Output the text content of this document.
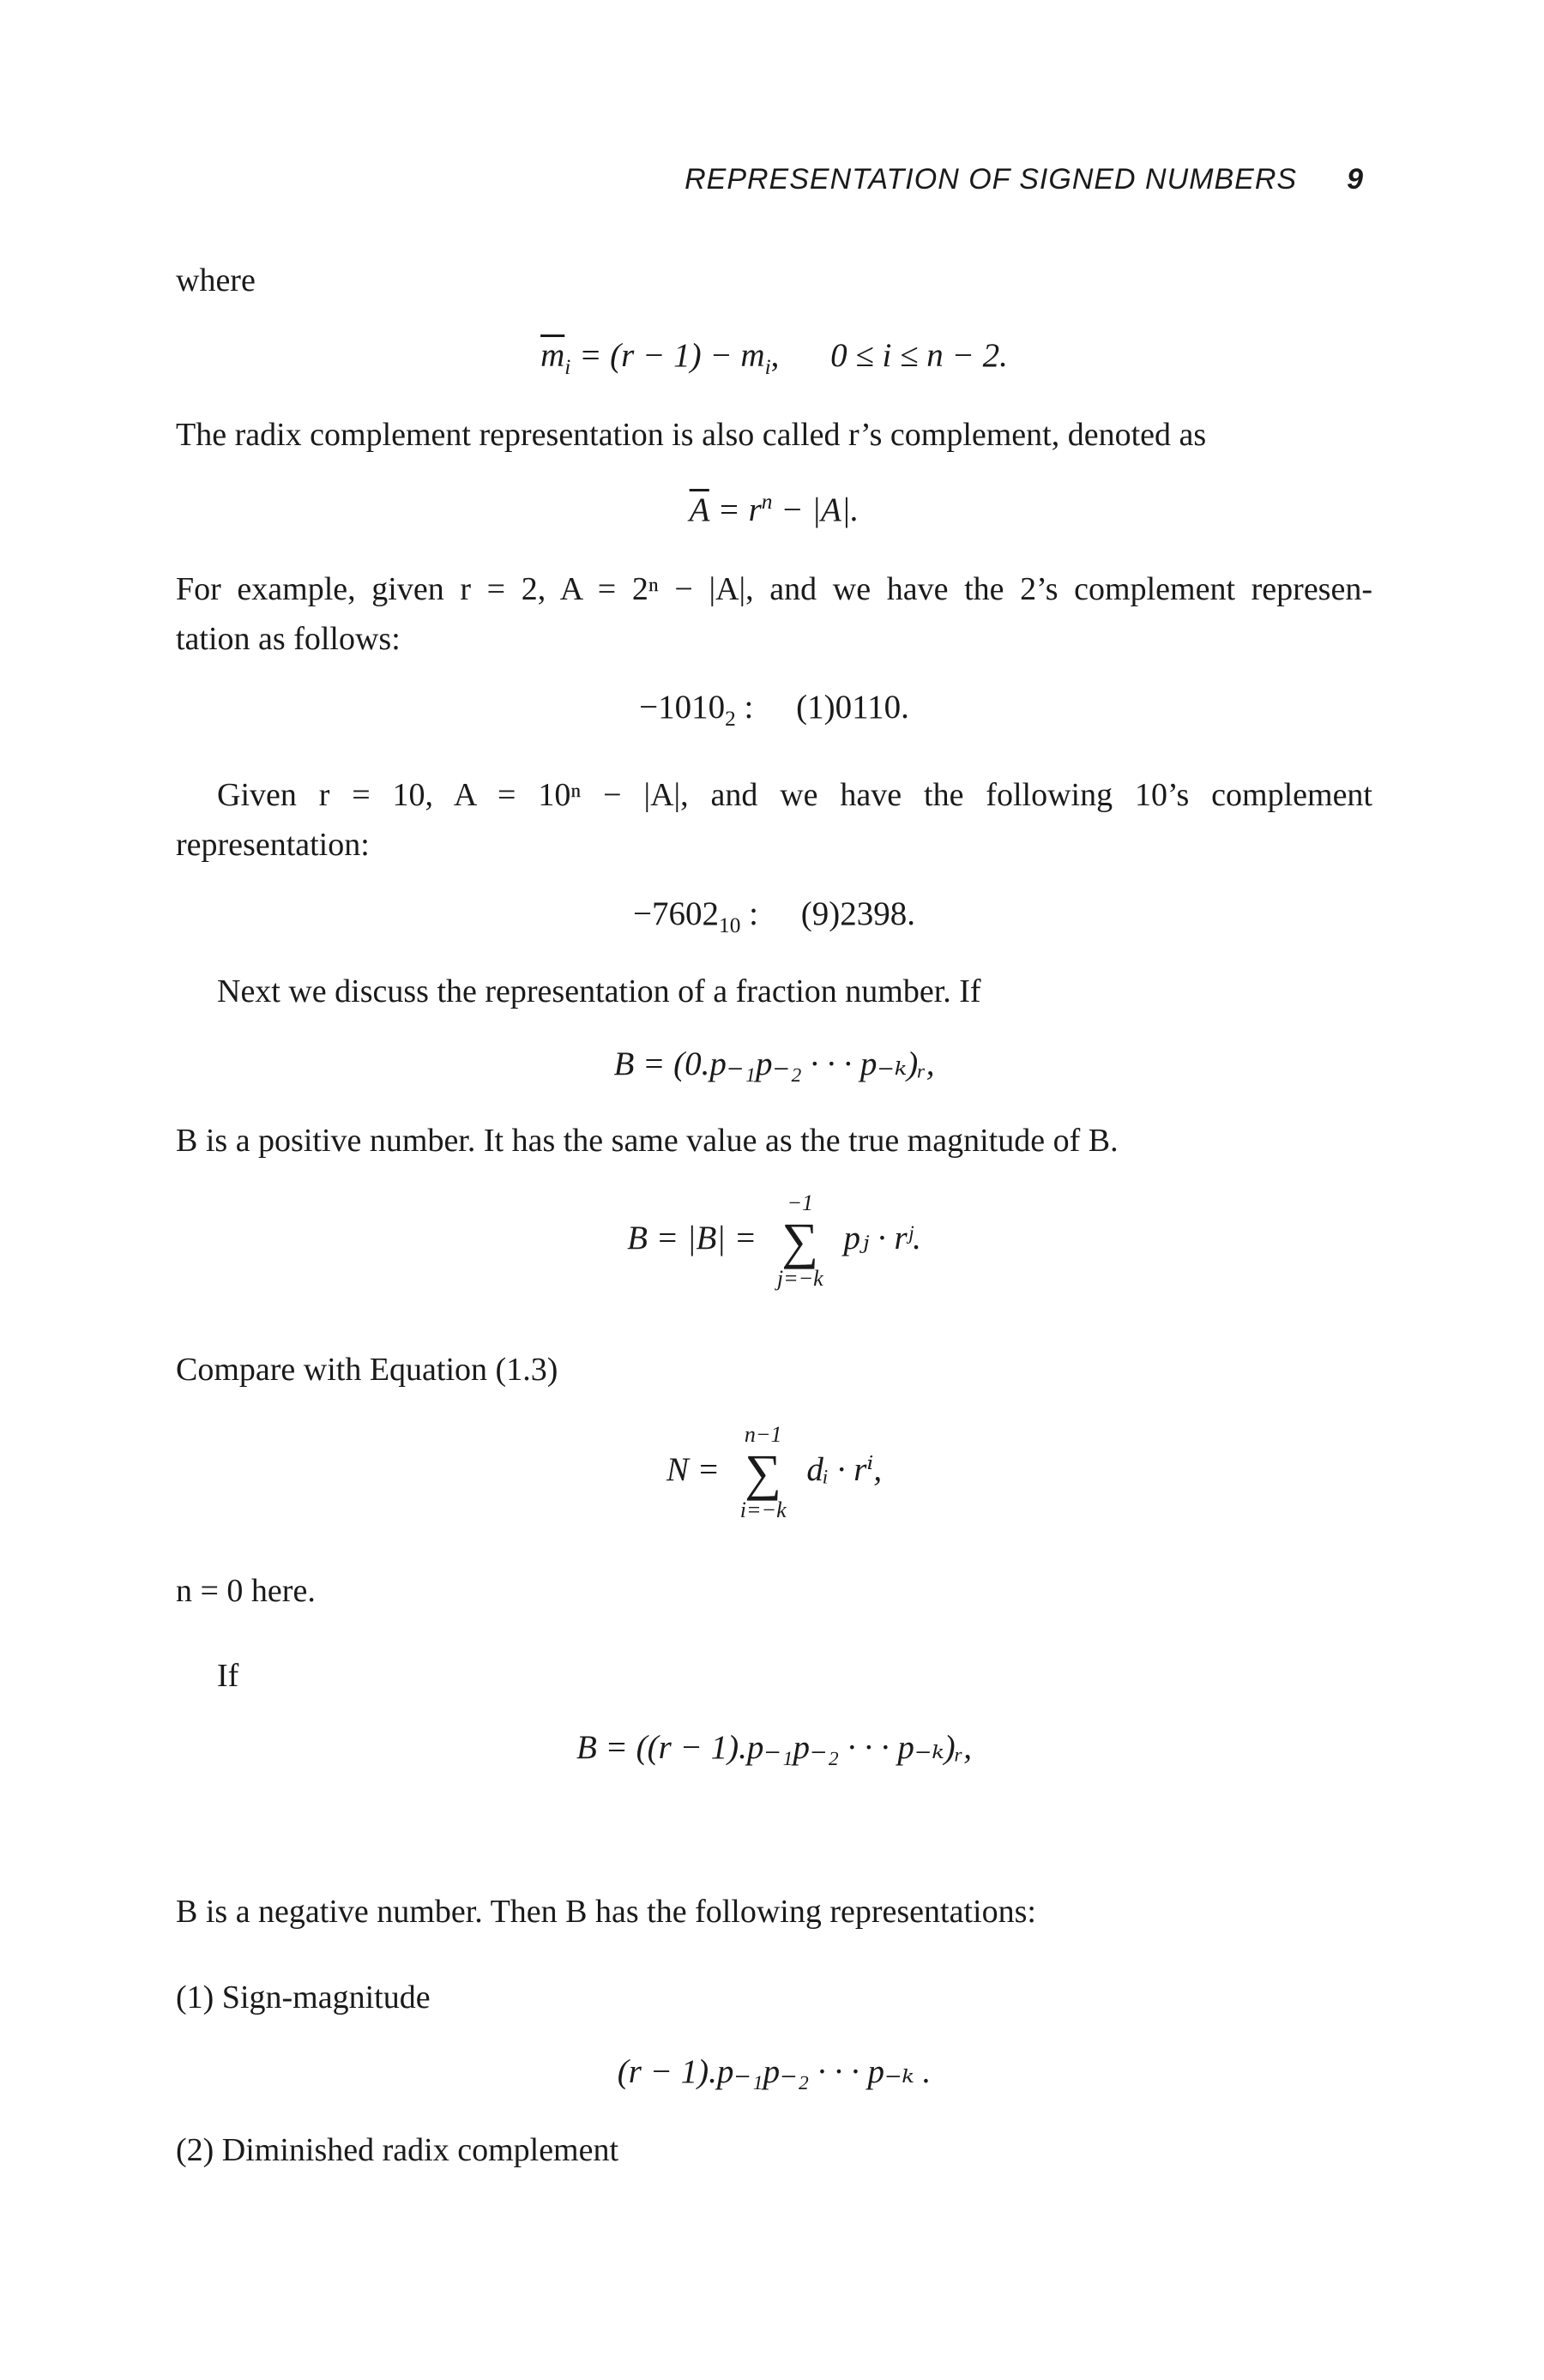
REPRESENTATION OF SIGNED NUMBERS 9
where
$\overline{m}_i = (r - 1) - m_i$, 0 ≤ i ≤ n − 2.
The radix complement representation is also called r’s complement, denoted as
$\overline{A} = r^n - |A|$.
For example, given r = 2, A = 2ⁿ − |A|, and we have the 2’s complement represen-
tation as follows:
$-1010_2$ : (1)0110.
Given r = 10, A = 10ⁿ − |A|, and we have the following 10’s complement
representation:
$-7602_{10}$ : (9)2398.
Next we discuss the representation of a fraction number. If
B = (0.p₋₁p₋₂ · · · p₋ₖ)ᵣ,
B is a positive number. It has the same value as the true magnitude of B.
B = |B| =
−1
∑
j=−k
pⱼ · rʲ.
Compare with Equation (1.3)
N =
n−1
∑
i=−k
dᵢ · rⁱ,
n = 0 here.
If
B = ((r − 1).p₋₁p₋₂ · · · p₋ₖ)ᵣ,
B is a negative number. Then B has the following representations:
(1) Sign-magnitude
(r − 1).p₋₁p₋₂ · · · p₋ₖ .
(2) Diminished radix complement
